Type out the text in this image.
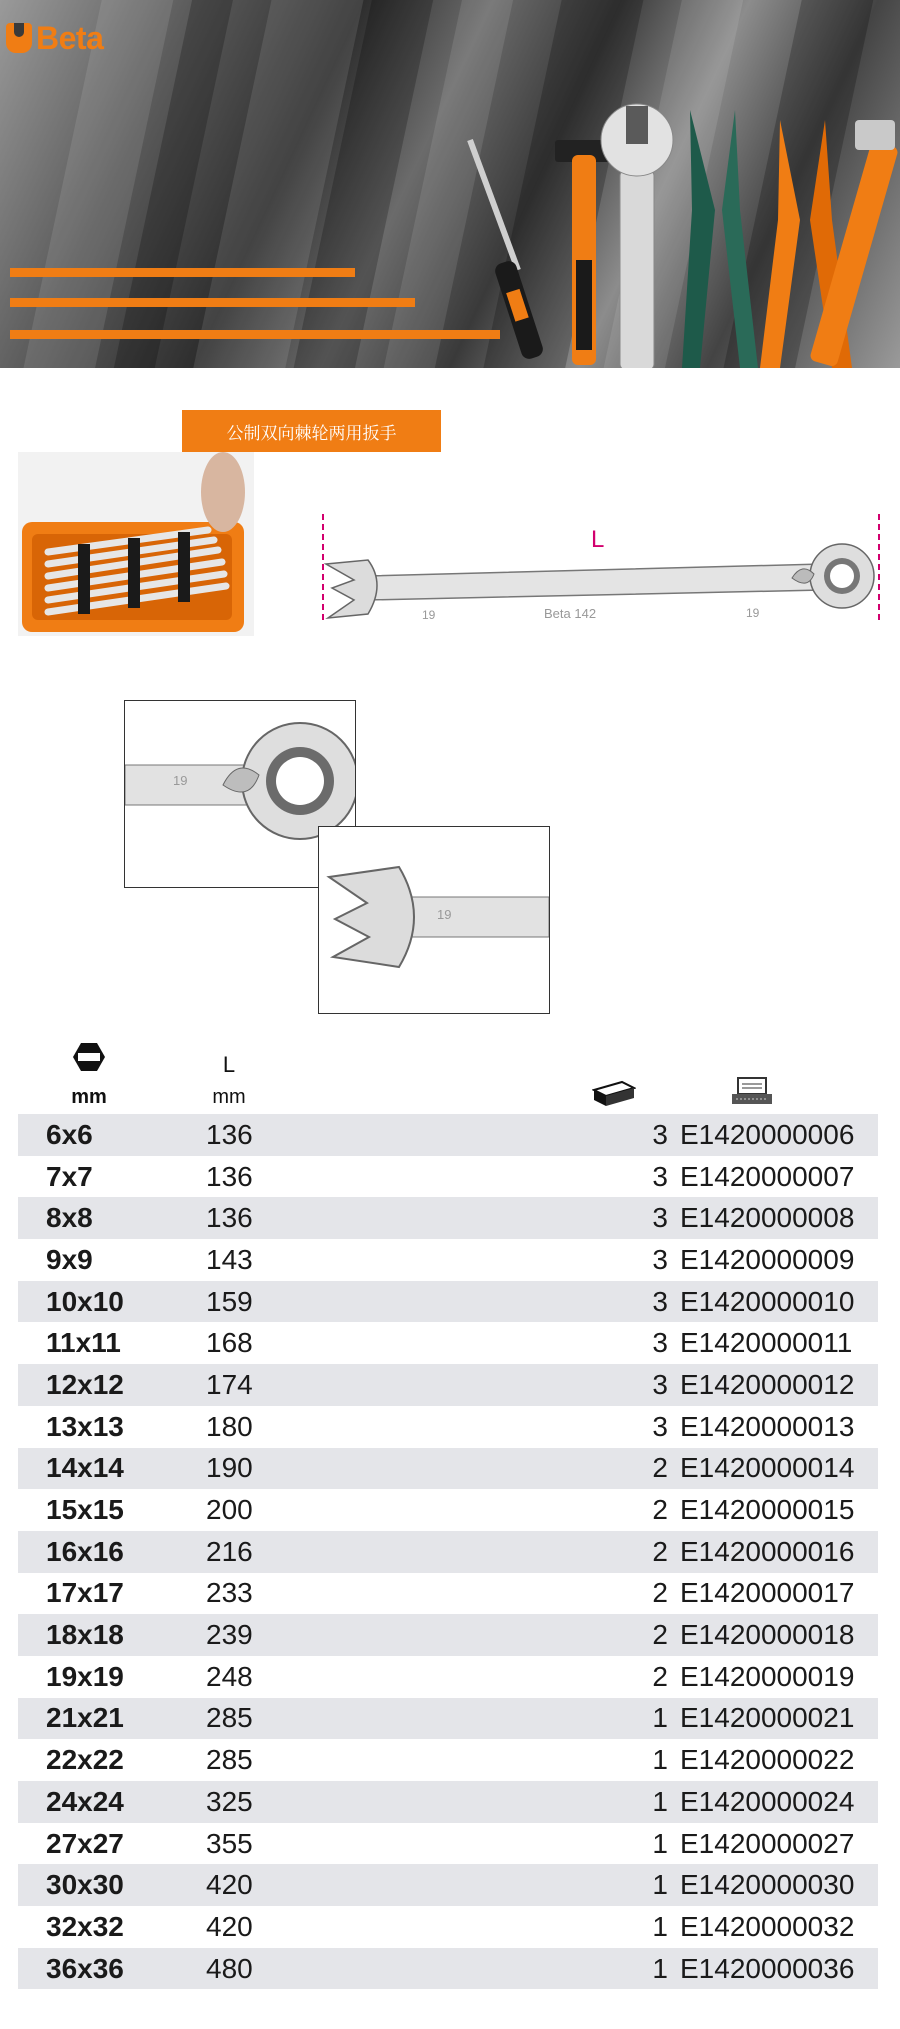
Beta
公制双向棘轮两用扳手
L
19	Beta 142	19
19
19
mm
L
mm
6x6	136	3 E1420000006
7x7	136	3 E1420000007
8x8	136	3 E1420000008
9x9	143	3 E1420000009
10x10	159	3 E1420000010
11x11	168	3 E1420000011
12x12	174	3 E1420000012
13x13	180	3 E1420000013
14x14	190	2 E1420000014
15x15	200	2 E1420000015
16x16	216	2 E1420000016
17x17	233	2 E1420000017
18x18	239	2 E1420000018
19x19	248	2 E1420000019
21x21	285	1 E1420000021
22x22	285	1 E1420000022
24x24	325	1 E1420000024
27x27	355	1 E1420000027
30x30	420	1 E1420000030
32x32	420	1 E1420000032
36x36	480	1 E1420000036
